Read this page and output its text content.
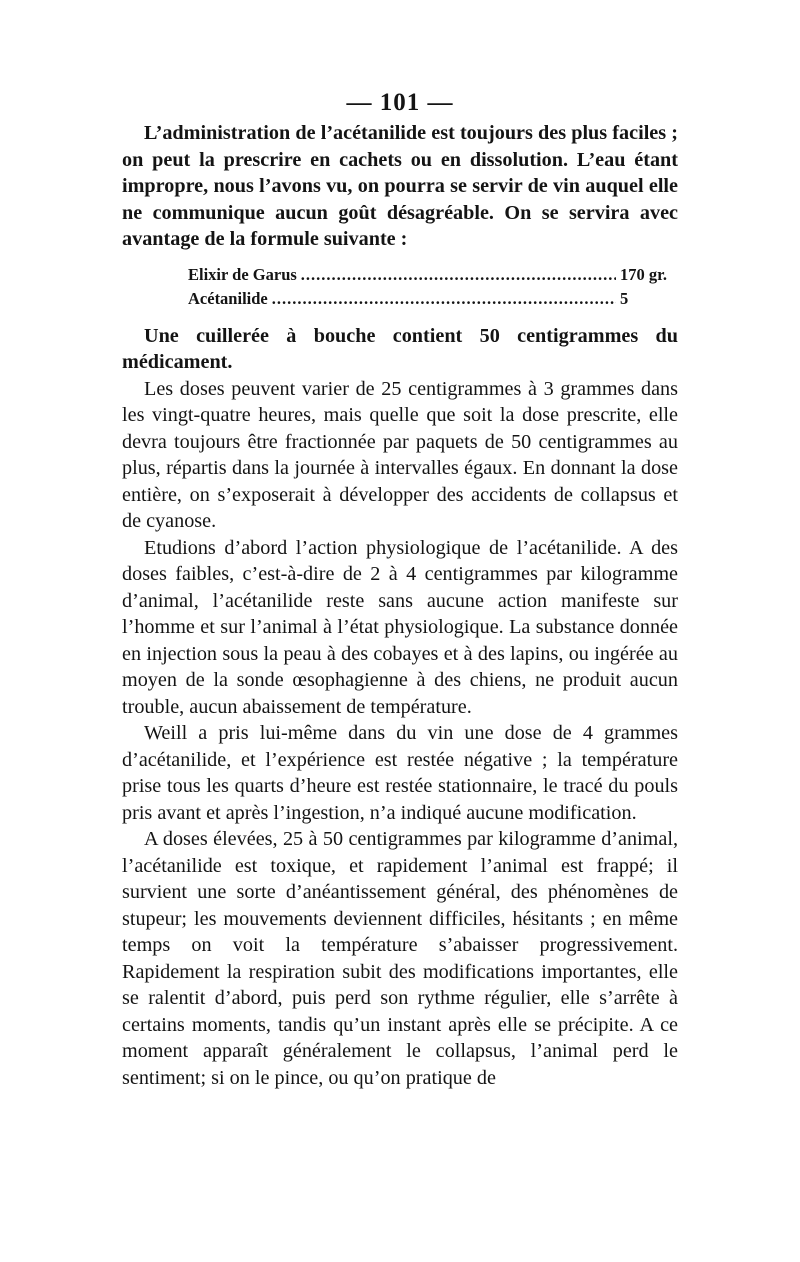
— 101 —

L’administration de l’acétanilide est toujours des plus faciles ; on peut la prescrire en cachets ou en dissolution. L’eau étant impropre, nous l’avons vu, on pourra se servir de vin auquel elle ne communique aucun goût désagréable. On se servira avec avantage de la formule suivante :

Elixir de Garus .....	170 gr.
Acétanilide .....	5

Une cuillerée à bouche contient 50 centigrammes du médicament.

Les doses peuvent varier de 25 centigrammes à 3 grammes dans les vingt-quatre heures, mais quelle que soit la dose prescrite, elle devra toujours être fractionnée par paquets de 50 centigrammes au plus, répartis dans la journée à intervalles égaux. En donnant la dose entière, on s’exposerait à développer des accidents de collapsus et de cyanose.

Etudions d’abord l’action physiologique de l’acétanilide. A des doses faibles, c’est-à-dire de 2 à 4 centigrammes par kilogramme d’animal, l’acétanilide reste sans aucune action manifeste sur l’homme et sur l’animal à l’état physiologique. La substance donnée en injection sous la peau à des cobayes et à des lapins, ou ingérée au moyen de la sonde œsophagienne à des chiens, ne produit aucun trouble, aucun abaissement de température.

Weill a pris lui-même dans du vin une dose de 4 grammes d’acétanilide, et l’expérience est restée négative ; la température prise tous les quarts d’heure est restée stationnaire, le tracé du pouls pris avant et après l’ingestion, n’a indiqué aucune modification.

A doses élevées, 25 à 50 centigrammes par kilogramme d’animal, l’acétanilide est toxique, et rapidement l’animal est frappé; il survient une sorte d’anéantissement général, des phénomènes de stupeur; les mouvements deviennent difficiles, hésitants ; en même temps on voit la température s’abaisser progressivement. Rapidement la respiration subit des modifications importantes, elle se ralentit d’abord, puis perd son rythme régulier, elle s’arrête à certains moments, tandis qu’un instant après elle se précipite. A ce moment apparaît généralement le collapsus, l’animal perd le sentiment; si on le pince, ou qu’on pratique de
